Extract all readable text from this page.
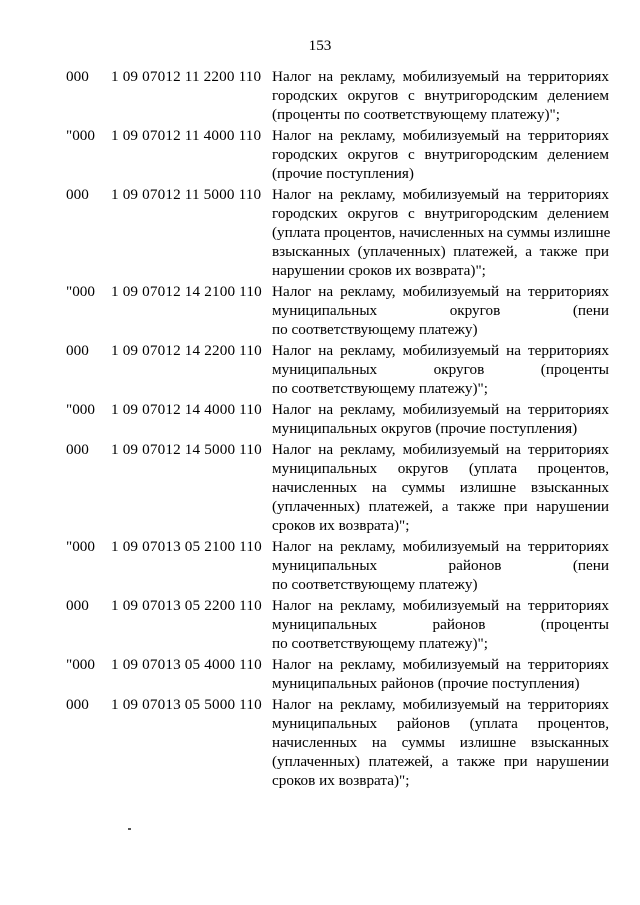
153
000 1 09 07012 11 2200 110 Налог на рекламу, мобилизуемый на территориях
городских округов с внутригородским делением
(проценты по соответствующему платежу)";
"000 1 09 07012 11 4000 110 Налог на рекламу, мобилизуемый на территориях
городских округов с внутригородским делением
(прочие поступления)
000 1 09 07012 11 5000 110 Налог на рекламу, мобилизуемый на территориях
городских округов с внутригородским делением
(уплата процентов, начисленных на суммы излишне
взысканных (уплаченных) платежей, а также при
нарушении сроков их возврата)";
"000 1 09 07012 14 2100 110 Налог на рекламу, мобилизуемый на территориях
муниципальных округов (пени
по соответствующему платежу)
000 1 09 07012 14 2200 110 Налог на рекламу, мобилизуемый на территориях
муниципальных округов (проценты
по соответствующему платежу)";
"000 1 09 07012 14 4000 110 Налог на рекламу, мобилизуемый на территориях
муниципальных округов (прочие поступления)
000 1 09 07012 14 5000 110 Налог на рекламу, мобилизуемый на территориях
муниципальных округов (уплата процентов,
начисленных на суммы излишне взысканных
(уплаченных) платежей, а также при нарушении
сроков их возврата)";
"000 1 09 07013 05 2100 110 Налог на рекламу, мобилизуемый на территориях
муниципальных районов (пени
по соответствующему платежу)
000 1 09 07013 05 2200 110 Налог на рекламу, мобилизуемый на территориях
муниципальных районов (проценты
по соответствующему платежу)";
"000 1 09 07013 05 4000 110 Налог на рекламу, мобилизуемый на территориях
муниципальных районов (прочие поступления)
000 1 09 07013 05 5000 110 Налог на рекламу, мобилизуемый на территориях
муниципальных районов (уплата процентов,
начисленных на суммы излишне взысканных
(уплаченных) платежей, а также при нарушении
сроков их возврата)";
